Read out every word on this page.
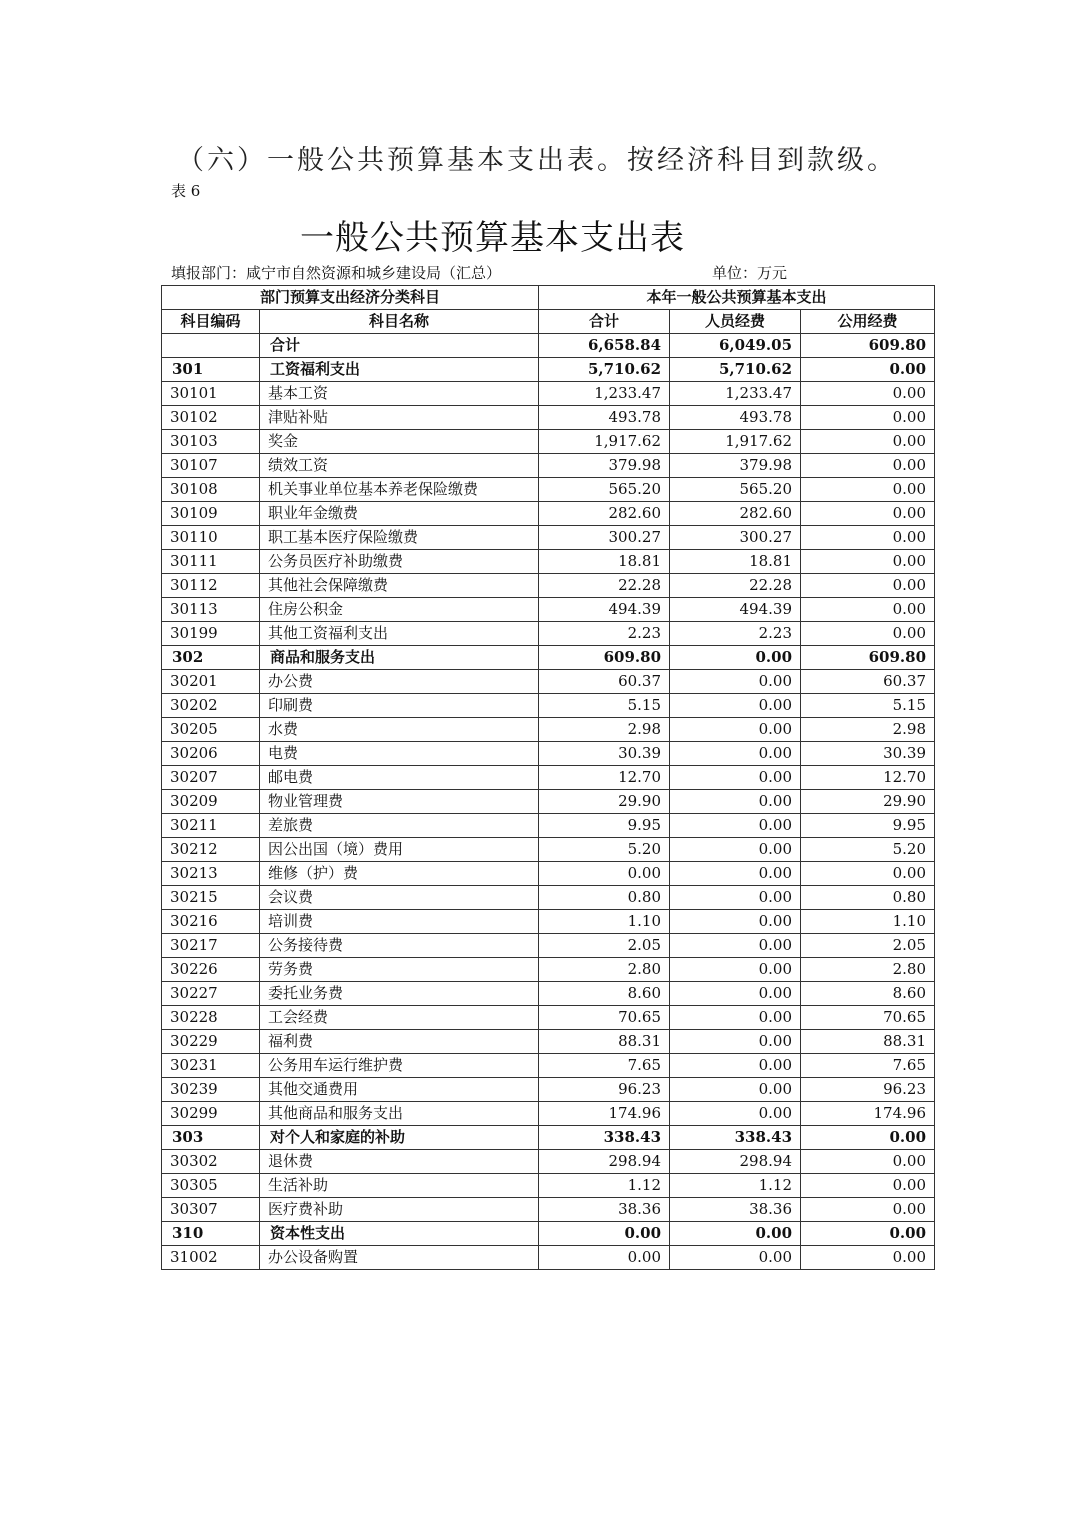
（六）一般公共预算基本支出表。按经济科目到款级。
表 6
一般公共预算基本支出表
填报部门：咸宁市自然资源和城乡建设局（汇总）	单位：万元
部门预算支出经济分类科目		本年一般公共预算基本支出		
科目编码	科目名称	合计	人员经费	公用经费
	合计	6,658.84	6,049.05	609.80
301	工资福利支出	5,710.62	5,710.62	0.00
30101	基本工资	1,233.47	1,233.47	0.00
30102	津贴补贴	493.78	493.78	0.00
30103	奖金	1,917.62	1,917.62	0.00
30107	绩效工资	379.98	379.98	0.00
30108	机关事业单位基本养老保险缴费	565.20	565.20	0.00
30109	职业年金缴费	282.60	282.60	0.00
30110	职工基本医疗保险缴费	300.27	300.27	0.00
30111	公务员医疗补助缴费	18.81	18.81	0.00
30112	其他社会保障缴费	22.28	22.28	0.00
30113	住房公积金	494.39	494.39	0.00
30199	其他工资福利支出	2.23	2.23	0.00
302	商品和服务支出	609.80	0.00	609.80
30201	办公费	60.37	0.00	60.37
30202	印刷费	5.15	0.00	5.15
30205	水费	2.98	0.00	2.98
30206	电费	30.39	0.00	30.39
30207	邮电费	12.70	0.00	12.70
30209	物业管理费	29.90	0.00	29.90
30211	差旅费	9.95	0.00	9.95
30212	因公出国（境）费用	5.20	0.00	5.20
30213	维修（护）费	0.00	0.00	0.00
30215	会议费	0.80	0.00	0.80
30216	培训费	1.10	0.00	1.10
30217	公务接待费	2.05	0.00	2.05
30226	劳务费	2.80	0.00	2.80
30227	委托业务费	8.60	0.00	8.60
30228	工会经费	70.65	0.00	70.65
30229	福利费	88.31	0.00	88.31
30231	公务用车运行维护费	7.65	0.00	7.65
30239	其他交通费用	96.23	0.00	96.23
30299	其他商品和服务支出	174.96	0.00	174.96
303	对个人和家庭的补助	338.43	338.43	0.00
30302	退休费	298.94	298.94	0.00
30305	生活补助	1.12	1.12	0.00
30307	医疗费补助	38.36	38.36	0.00
310	资本性支出	0.00	0.00	0.00
31002	办公设备购置	0.00	0.00	0.00
